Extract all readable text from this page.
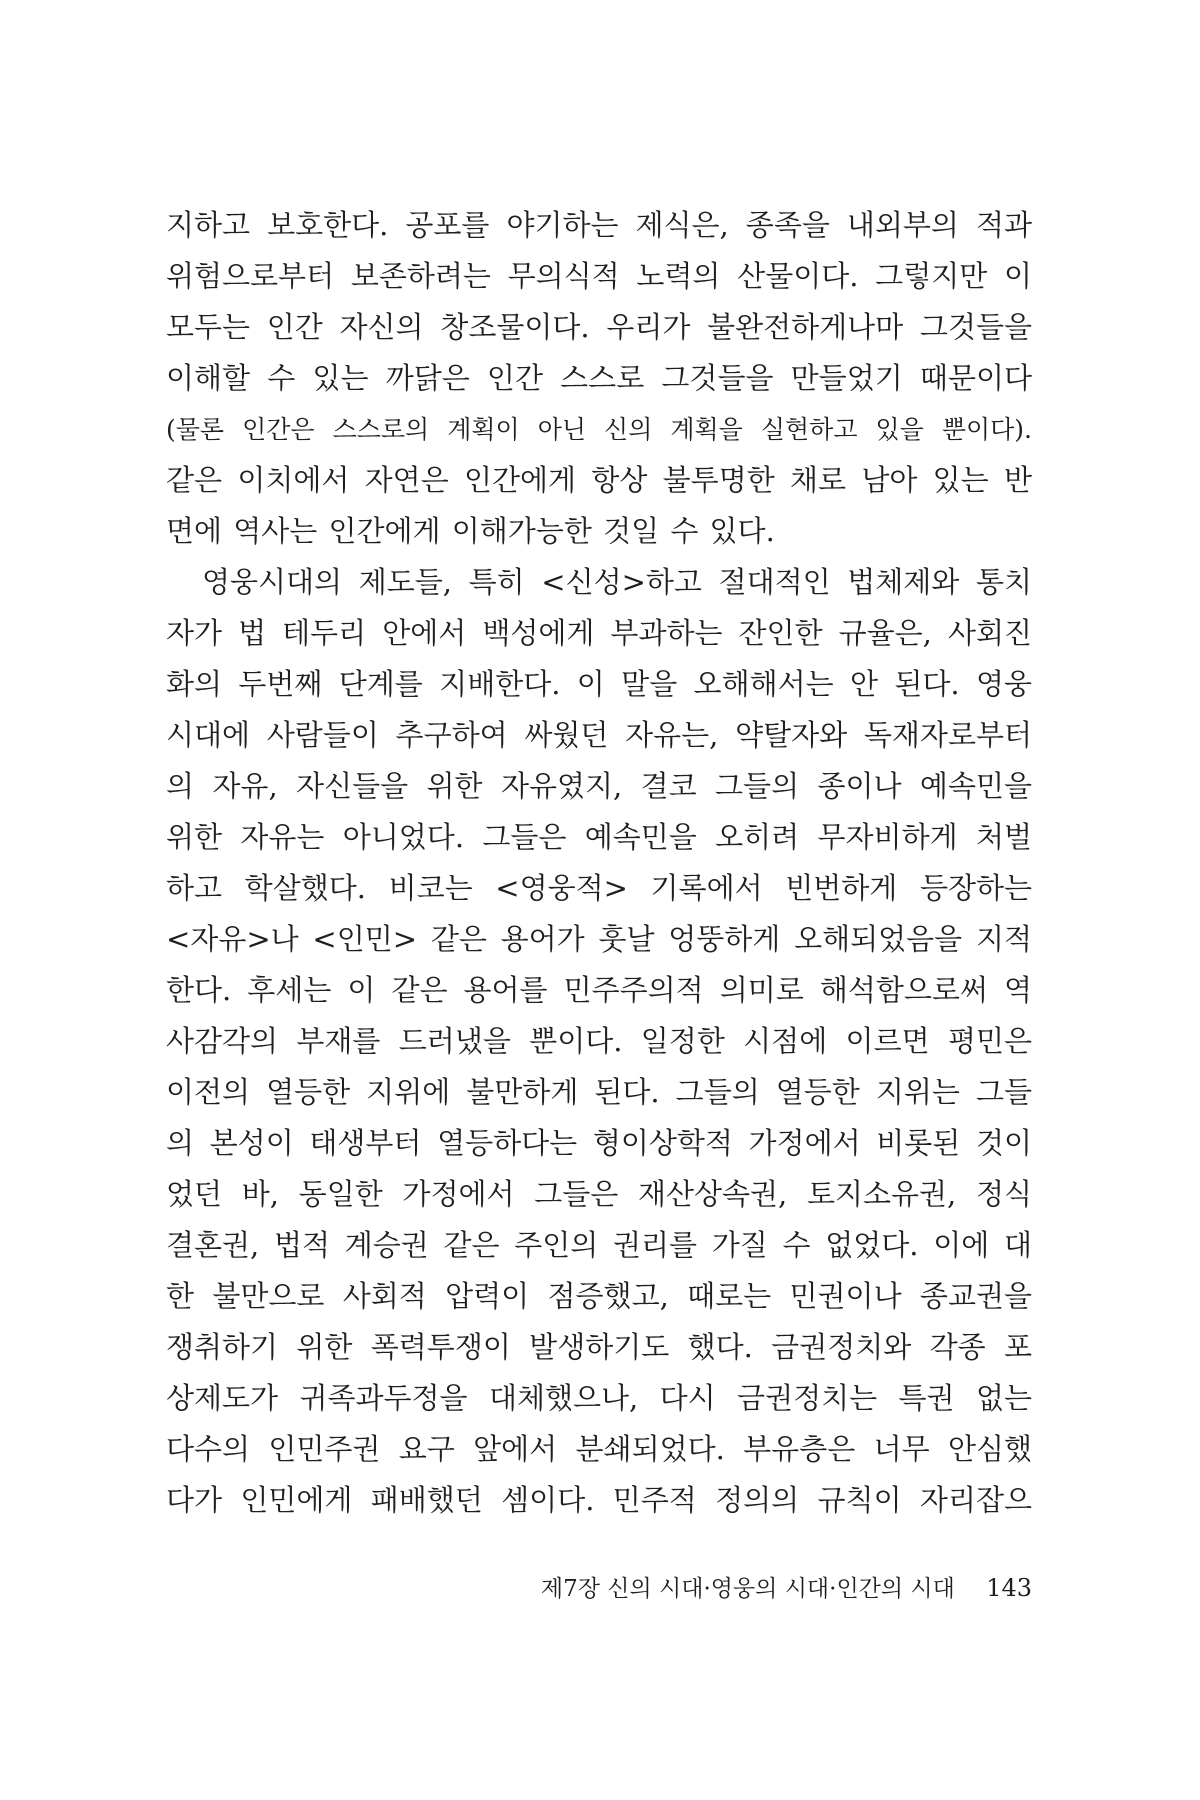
지하고 보호한다. 공포를 야기하는 제식은, 종족을 내외부의 적과
위험으로부터 보존하려는 무의식적 노력의 산물이다. 그렇지만 이
모두는 인간 자신의 창조물이다. 우리가 불완전하게나마 그것들을
이해할 수 있는 까닭은 인간 스스로 그것들을 만들었기 때문이다
(물론 인간은 스스로의 계획이 아닌 신의 계획을 실현하고 있을 뿐이다).
같은 이치에서 자연은 인간에게 항상 불투명한 채로 남아 있는 반
면에 역사는 인간에게 이해가능한 것일 수 있다.
영웅시대의 제도들, 특히 <신성>하고 절대적인 법체제와 통치
자가 법 테두리 안에서 백성에게 부과하는 잔인한 규율은, 사회진
화의 두번째 단계를 지배한다. 이 말을 오해해서는 안 된다. 영웅
시대에 사람들이 추구하여 싸웠던 자유는, 약탈자와 독재자로부터
의 자유, 자신들을 위한 자유였지, 결코 그들의 종이나 예속민을
위한 자유는 아니었다. 그들은 예속민을 오히려 무자비하게 처벌
하고 학살했다. 비코는 <영웅적> 기록에서 빈번하게 등장하는
<자유>나 <인민> 같은 용어가 훗날 엉뚱하게 오해되었음을 지적
한다. 후세는 이 같은 용어를 민주주의적 의미로 해석함으로써 역
사감각의 부재를 드러냈을 뿐이다. 일정한 시점에 이르면 평민은
이전의 열등한 지위에 불만하게 된다. 그들의 열등한 지위는 그들
의 본성이 태생부터 열등하다는 형이상학적 가정에서 비롯된 것이
었던 바, 동일한 가정에서 그들은 재산상속권, 토지소유권, 정식
결혼권, 법적 계승권 같은 주인의 권리를 가질 수 없었다. 이에 대
한 불만으로 사회적 압력이 점증했고, 때로는 민권이나 종교권을
쟁취하기 위한 폭력투쟁이 발생하기도 했다. 금권정치와 각종 포
상제도가 귀족과두정을 대체했으나, 다시 금권정치는 특권 없는
다수의 인민주권 요구 앞에서 분쇄되었다. 부유층은 너무 안심했
다가 인민에게 패배했던 셈이다. 민주적 정의의 규칙이 자리잡으
제7장 신의 시대·영웅의 시대·인간의 시대 143
